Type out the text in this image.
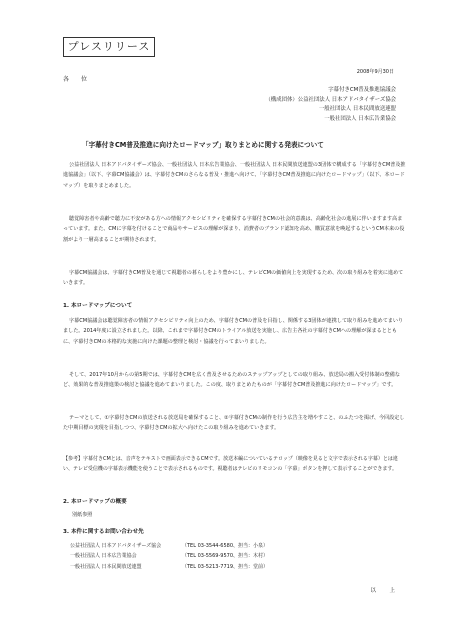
プレスリリース
2008年9月30日
各　位
字幕付きCM普及推進協議会
（構成団体）公益社団法人 日本アドバタイザーズ協会
一般社団法人 日本民間放送連盟
一般社団法人 日本広告業協会
「字幕付きCM普及推進に向けたロードマップ」取りまとめに関する発表について
公益社団法人 日本アドバタイザーズ協会、一般社団法人 日本広告業協会、一般社団法人 日本民間放送連盟の3団体で構成する「字幕付きCM普及推進協議会」（以下、字幕CM協議会）は、字幕付きCMのさらなる普及・推進へ向けて、「字幕付きCM普及推進に向けたロードマップ」（以下、本ロードマップ）を取りまとめました。
聴覚障害者や高齢で聴力に不安がある方への情報アクセシビリティを確保する字幕付きCMの社会的意義は、高齢化社会の進展に伴いますます高まっています。また、CMに字幕を付けることで商品やサービスの理解が深まり、消費者のブランド認知を高め、購買意欲を喚起するというCM本来の役割がより一層高まることが期待されます。
字幕CM協議会は、字幕付きCM普及を通じて視聴者の暮らしをより豊かにし、テレビCMの価値向上を実現するため、次の取り組みを着実に進めていきます。
1. 本ロードマップについて
字幕CM協議会は聴覚障害者の情報アクセシビリティ向上のため、字幕付きCMの普及を目指し、関係する3団体が連携して取り組みを進めてまいりました。2014年度に設立されました。以降、これまで字幕付きCMのトライアル放送を実施し、広告主各社の字幕付きCMへの理解が深まるとともに、字幕付きCMの本格的な実施に向けた課題の整理と検討・協議を行ってまいりました。
そして、2017年10月からの第5期では、字幕付きCMを広く普及させるためのステップアップとしての取り組み、放送局の搬入受付体制の整備など、効果的な普及推進策の検討と協議を進めてまいりました。この度、取りまとめたものが「字幕付きCM普及推進に向けたロードマップ」です。
テーマとして、①字幕付きCMの放送される放送局を確保すること、②字幕付きCMの制作を行う広告主を増やすこと、のふたつを掲げ、今回設定した中期目標の実現を目指しつつ、字幕付きCMの拡大へ向けたこの取り組みを進めていきます。
【参考】字幕付きCMとは、音声をテキストで画面表示できるCMです。放送本編についているテロップ（映像を見ると文字で表示される字幕）とは違い、テレビ受信機の字幕表示機能を使うことで表示されるものです。視聴者はテレビのリモコンの「字幕」ボタンを押して表示することができます。
2. 本ロードマップの概要
別紙参照
3. 本件に関するお問い合わせ先
公益社団法人 日本アドバタイザーズ協会	（TEL 03-3544-6580、担当：小泉）
一般社団法人 日本広告業協会	（TEL 03-5569-9570、担当：木村）
一般社団法人 日本民間放送連盟	（TEL 03-5213-7719、担当：堂前）
以　上
